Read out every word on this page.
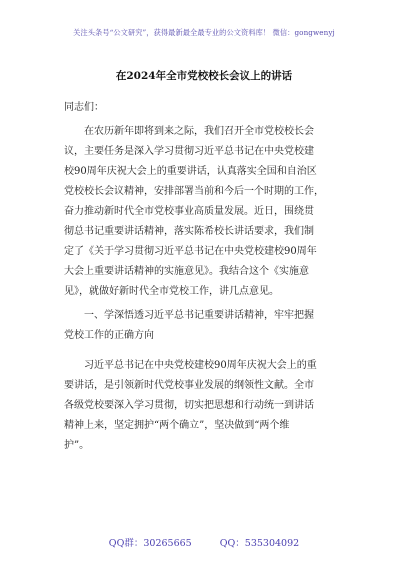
关注头条号“公文研究”，获得最新最全最专业的公文资料库！ 微信：gongwenyj
在2024年全市党校校长会议上的讲话
同志们：
在农历新年即将到来之际，我们召开全市党校校长会
议，主要任务是深入学习贯彻习近平总书记在中央党校建
校90周年庆祝大会上的重要讲话，认真落实全国和自治区
党校校长会议精神，安排部署当前和今后一个时期的工作，
奋力推动新时代全市党校事业高质量发展。近日，围绕贯
彻总书记重要讲话精神，落实陈希校长讲话要求，我们制
定了《关于学习贯彻习近平总书记在中央党校建校90周年
大会上重要讲话精神的实施意见》。我结合这个《实施意
见》，就做好新时代全市党校工作，讲几点意见。
一、学深悟透习近平总书记重要讲话精神，牢牢把握
党校工作的正确方向
习近平总书记在中央党校建校90周年庆祝大会上的重
要讲话，是引领新时代党校事业发展的纲领性文献。全市
各级党校要深入学习贯彻，切实把思想和行动统一到讲话
精神上来，坚定拥护“两个确立”，坚决做到“两个维
护”。
QQ群：30265665	QQ：535304092
